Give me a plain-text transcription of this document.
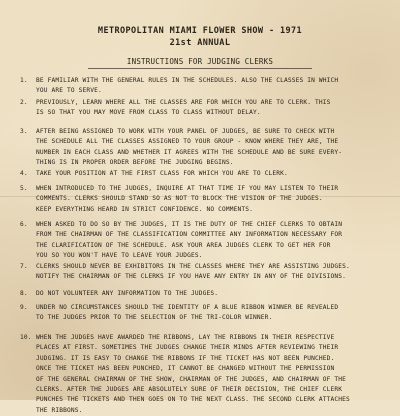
METROPOLITAN MIAMI FLOWER SHOW - 1971
21st ANNUAL
INSTRUCTIONS FOR JUDGING CLERKS
1.	BE FAMILIAR WITH THE GENERAL RULES IN THE SCHEDULES. ALSO THE CLASSES IN WHICH
YOU ARE TO SERVE.
2.	PREVIOUSLY, LEARN WHERE ALL THE CLASSES ARE FOR WHICH YOU ARE TO CLERK. THIS
IS SO THAT YOU MAY MOVE FROM CLASS TO CLASS WITHOUT DELAY.
3.	AFTER BEING ASSIGNED TO WORK WITH YOUR PANEL OF JUDGES, BE SURE TO CHECK WITH
THE SCHEDULE ALL THE CLASSES ASSIGNED TO YOUR GROUP - KNOW WHERE THEY ARE, THE
NUMBER IN EACH CLASS AND WHETHER IT AGREES WITH THE SCHEDULE AND BE SURE EVERY-
THING IS IN PROPER ORDER BEFORE THE JUDGING BEGINS.
4.	TAKE YOUR POSITION AT THE FIRST CLASS FOR WHICH YOU ARE TO CLERK.
5.	WHEN INTRODUCED TO THE JUDGES, INQUIRE AT THAT TIME IF YOU MAY LISTEN TO THEIR
COMMENTS. CLERKS SHOULD STAND SO AS NOT TO BLOCK THE VISION OF THE JUDGES.
KEEP EVERYTHING HEARD IN STRICT CONFIDENCE. NO COMMENTS.
6.	WHEN ASKED TO DO SO BY THE JUDGES, IT IS THE DUTY OF THE CHIEF CLERKS TO OBTAIN
FROM THE CHAIRMAN OF THE CLASSIFICATION COMMITTEE ANY INFORMATION NECESSARY FOR
THE CLARIFICATION OF THE SCHEDULE. ASK YOUR AREA JUDGES CLERK TO GET HER FOR
YOU SO YOU WON'T HAVE TO LEAVE YOUR JUDGES.
7.	CLERKS SHOULD NEVER BE EXHIBITORS IN THE CLASSES WHERE THEY ARE ASSISTING JUDGES.
NOTIFY THE CHAIRMAN OF THE CLERKS IF YOU HAVE ANY ENTRY IN ANY OF THE DIVISIONS.
8.	DO NOT VOLUNTEER ANY INFORMATION TO THE JUDGES.
9.	UNDER NO CIRCUMSTANCES SHOULD THE IDENTITY OF A BLUE RIBBON WINNER BE REVEALED
TO THE JUDGES PRIOR TO THE SELECTION OF THE TRI-COLOR WINNER.
10. WHEN THE JUDGES HAVE AWARDED THE RIBBONS, LAY THE RIBBONS IN THEIR RESPECTIVE
PLACES AT FIRST. SOMETIMES THE JUDGES CHANGE THEIR MINDS AFTER REVIEWING THEIR
JUDGING. IT IS EASY TO CHANGE THE RIBBONS IF THE TICKET HAS NOT BEEN PUNCHED.
ONCE THE TICKET HAS BEEN PUNCHED, IT CANNOT BE CHANGED WITHOUT THE PERMISSION
OF THE GENERAL CHAIRMAN OF THE SHOW, CHAIRMAN OF THE JUDGES, AND CHAIRMAN OF THE
CLERKS. AFTER THE JUDGES ARE ABSOLUTELY SURE OF THEIR DECISION, THE CHIEF CLERK
PUNCHES THE TICKETS AND THEN GOES ON TO THE NEXT CLASS. THE SECOND CLERK ATTACHES
THE RIBBONS.
